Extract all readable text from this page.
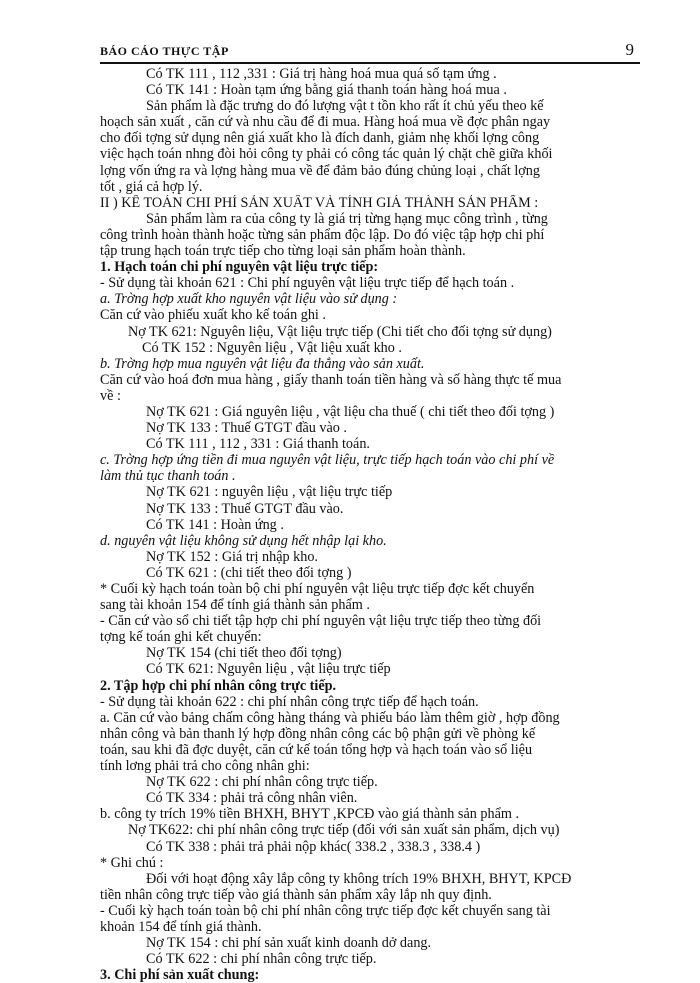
BÁO CÁO THỰC TẬP	9
Có TK 111 , 112 ,331 : Giá trị hàng hoá mua quá số tạm ứng .
Có TK 141 : Hoàn tạm ứng bằng giá thanh toán hàng hoá mua .
Sản phẩm là đặc trưng do đó lượng vật t tồn kho rất ít chủ yếu theo kế
hoạch sản xuất , căn cứ và nhu cầu để đi mua. Hàng hoá mua về đợc phân ngay
cho đối tợng sử dụng nên giá xuất kho là đích danh, giảm nhẹ khối lợng công
việc hạch toán nhng đòi hỏi công ty phải có công tác quản lý chặt chẽ giữa khối
lợng vốn ứng ra và lợng hàng mua về để đảm bảo đúng chủng loại , chất lợng
tốt , giá cả hợp lý.
II ) KẾ TOÁN CHI PHÍ SẢN XUẤT VÀ TÍNH GIÁ THÀNH SẢN PHẨM :
Sản phẩm làm ra của công ty là giá trị từng hạng mục công trình , từng
công trình hoàn thành hoặc từng sản phẩm độc lập. Do đó việc tập hợp chi phí
tập trung hạch toán trực tiếp cho từng loại sản phẩm hoàn thành.
1. Hạch toán chi phí nguyên vật liệu trực tiếp:
- Sử dụng tài khoản 621 : Chi phí nguyên vật liệu trực tiếp để hạch toán .
a. Trờng hợp xuất kho nguyên vật liệu vào sử dụng :
Căn cứ vào phiếu xuất kho kế toán ghi .
Nợ TK 621: Nguyên liệu, Vật liệu trực tiếp (Chi tiết cho đối tợng sử dụng)
Có TK 152 : Nguyên liệu , Vật liệu xuất kho .
b. Trờng hợp mua nguyên vật liệu đa thẳng vào sản xuất.
Căn cứ vào hoá đơn mua hàng , giấy thanh toán tiền hàng và số hàng thực tế mua
về :
Nợ TK 621 : Giá nguyên liệu , vật liệu cha thuế ( chi tiết theo đối tợng )
Nợ TK 133 : Thuế GTGT đầu vào .
Có TK 111 , 112 , 331 : Giá thanh toán.
c. Trờng hợp ứng tiền đi mua nguyên vật liệu, trực tiếp hạch toán vào chi phí về
làm thủ tục thanh toán .
Nợ TK 621 : nguyên liệu , vật liệu trực tiếp
Nợ TK 133 : Thuế GTGT đầu vào.
Có TK 141 : Hoàn ứng .
d. nguyên vật liệu không sử dụng hết nhập lại kho.
Nợ TK 152 : Giá trị nhập kho.
Có TK 621 : (chi tiết theo đối tợng )
* Cuối kỳ hạch toán toàn bộ chi phí nguyên vật liệu trực tiếp đợc kết chuyển
sang tài khoản 154 để tính giá thành sản phẩm .
- Căn cứ vào sổ chi tiết tập hợp chi phí nguyên vật liệu trực tiếp theo từng đối
tợng kế toán ghi kết chuyển:
Nợ TK 154 (chi tiết theo đối tợng)
Có TK 621: Nguyên liệu , vật liệu trực tiếp
2. Tập hợp chi phí nhân công trực tiếp.
- Sử dụng tài khoản 622 : chi phí nhân công trực tiếp để hạch toán.
a. Căn cứ vào bảng chấm công hàng tháng và phiếu báo làm thêm giờ , hợp đồng
nhân công và bản thanh lý hợp đồng nhân công các bộ phận gửi về phòng kế
toán, sau khi đã đợc duyệt, căn cứ kế toán tổng hợp và hạch toán vào sổ liệu
tính lơng phải trả cho công nhân ghi:
Nợ TK 622 : chi phí nhân công trực tiếp.
Có TK 334 : phải trả công nhân viên.
b. công ty trích 19% tiền BHXH, BHYT ,KPCĐ vào giá thành sản phẩm .
Nợ TK622: chi phí nhân công trực tiếp (đối với sản xuất sản phẩm, dịch vụ)
Có TK 338 : phải trả phải nộp khác( 338.2 , 338.3 , 338.4 )
* Ghi chú :
Đối với hoạt động xây lắp công ty không trích 19% BHXH, BHYT, KPCĐ
tiền nhân công trực tiếp vào giá thành sản phẩm xây lắp nh quy định.
- Cuối kỳ hạch toán toàn bộ chi phí nhân công trực tiếp đợc kết chuyển sang tài
khoản 154 để tính giá thành.
Nợ TK 154 : chi phí sản xuất kinh doanh dở dang.
Có TK 622 : chi phí nhân công trực tiếp.
3. Chi phí sản xuất chung:
